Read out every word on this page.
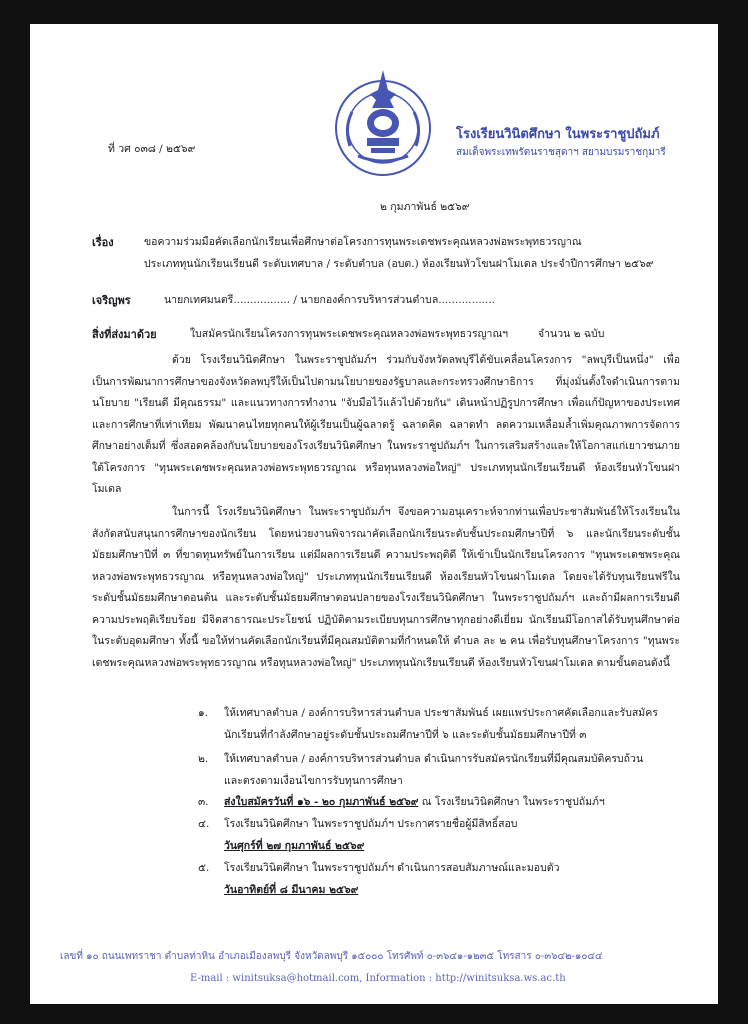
โรงเรียนวินิตศึกษา ในพระราชูปถัมภ์
สมเด็จพระเทพรัตนราชสุดาฯ สยามบรมราชกุมารี
ที่ วศ ๐๓๘ / ๒๕๖๙
๒ กุมภาพันธ์ ๒๕๖๙
เรื่อง	ขอความร่วมมือคัดเลือกนักเรียนเพื่อศึกษาต่อโครงการทุนพระเดชพระคุณหลวงพ่อพระพุทธวรญาณ
ประเภททุนนักเรียนเรียนดี ระดับเทศบาล / ระดับตำบล (อบต.) ห้องเรียนหัวโขนฝาโมเดล ประจำปีการศึกษา ๒๕๖๙
เจริญพร	นายกเทศมนตรี................. / นายกองค์การบริหารส่วนตำบล.................
สิ่งที่ส่งมาด้วย	ใบสมัครนักเรียนโครงการทุนพระเดชพระคุณหลวงพ่อพระพุทธวรญาณฯ	จำนวน ๒ ฉบับ
ด้วย โรงเรียนวินิตศึกษา ในพระราชูปถัมภ์ฯ ร่วมกับจังหวัดลพบุรีได้ขับเคลื่อนโครงการ "ลพบุรีเป็นหนึ่ง" เพื่อเป็นการพัฒนาการศึกษาของจังหวัดลพบุรีให้เป็นไปตามนโยบายของรัฐบาลและกระทรวงศึกษาธิการ ที่มุ่งมั่นตั้งใจดำเนินการตามนโยบาย "เรียนดี มีคุณธรรม" และแนวทางการทำงาน "จับมือไว้แล้วไปด้วยกัน" เดินหน้าปฏิรูปการศึกษา เพื่อแก้ปัญหาของประเทศและการศึกษาที่เท่าเทียม พัฒนาคนไทยทุกคนให้ผู้เรียนเป็นผู้ฉลาดรู้ ฉลาดคิด ฉลาดทำ ลดความเหลื่อมล้ำเพิ่มคุณภาพการจัดการศึกษาอย่างเต็มที่ ซึ่งสอดคล้องกับนโยบายของโรงเรียนวินิตศึกษา ในพระราชูปถัมภ์ฯ ในการเสริมสร้างและให้โอกาสแก่เยาวชนภายใต้โครงการ "ทุนพระเดชพระคุณหลวงพ่อพระพุทธวรญาณ หรือทุนหลวงพ่อใหญ่" ประเภททุนนักเรียนเรียนดี ห้องเรียนหัวโขนฝาโมเดล
ในการนี้ โรงเรียนวินิตศึกษา ในพระราชูปถัมภ์ฯ จึงขอความอนุเคราะห์จากท่านเพื่อประชาสัมพันธ์ให้โรงเรียนในสังกัดสนับสนุนการศึกษาของนักเรียน โดยหน่วยงานพิจารณาคัดเลือกนักเรียนระดับชั้นประถมศึกษาปีที่ ๖ และนักเรียนระดับชั้นมัธยมศึกษาปีที่ ๓ ที่ขาดทุนทรัพย์ในการเรียน แต่มีผลการเรียนดี ความประพฤติดี ให้เข้าเป็นนักเรียนโครงการ "ทุนพระเดชพระคุณหลวงพ่อพระพุทธวรญาณ หรือทุนหลวงพ่อใหญ่" ประเภททุนนักเรียนเรียนดี ห้องเรียนหัวโขนฝาโมเดล โดยจะได้รับทุนเรียนฟรีในระดับชั้นมัธยมศึกษาตอนต้น และระดับชั้นมัธยมศึกษาตอนปลายของโรงเรียนวินิตศึกษา ในพระราชูปถัมภ์ฯ และถ้ามีผลการเรียนดี ความประพฤติเรียบร้อย มีจิตสาธารณะประโยชน์ ปฏิบัติตามระเบียบทุนการศึกษาทุกอย่างดีเยี่ยม นักเรียนมีโอกาสได้รับทุนศึกษาต่อในระดับอุดมศึกษา ทั้งนี้ ขอให้ท่านคัดเลือกนักเรียนที่มีคุณสมบัติตามที่กำหนดให้ ตำบล ละ ๒ คน เพื่อรับทุนศึกษาโครงการ "ทุนพระเดชพระคุณหลวงพ่อพระพุทธวรญาณ หรือทุนหลวงพ่อใหญ่" ประเภททุนนักเรียนเรียนดี ห้องเรียนหัวโขนฝาโมเดล ตามขั้นตอนดังนี้
๑. ให้เทศบาลตำบล / องค์การบริหารส่วนตำบล ประชาสัมพันธ์ เผยแพร่ประกาศคัดเลือกและรับสมัคร
นักเรียนที่กำลังศึกษาอยู่ระดับชั้นประถมศึกษาปีที่ ๖ และระดับชั้นมัธยมศึกษาปีที่ ๓
๒. ให้เทศบาลตำบล / องค์การบริหารส่วนตำบล ดำเนินการรับสมัครนักเรียนที่มีคุณสมบัติครบถ้วน
และตรงตามเงื่อนไขการรับทุนการศึกษา
๓. ส่งใบสมัครวันที่ ๑๖ - ๒๐ กุมภาพันธ์ ๒๕๖๙ ณ โรงเรียนวินิตศึกษา ในพระราชูปถัมภ์ฯ
๔. โรงเรียนวินิตศึกษา ในพระราชูปถัมภ์ฯ ประกาศรายชื่อผู้มีสิทธิ์สอบ
วันศุกร์ที่ ๒๗ กุมภาพันธ์ ๒๕๖๙
๕. โรงเรียนวินิตศึกษา ในพระราชูปถัมภ์ฯ ดำเนินการสอบสัมภาษณ์และมอบตัว
วันอาทิตย์ที่ ๘ มีนาคม ๒๕๖๙
เลขที่ ๑๐ ถนนเพทราชา ตำบลท่าหิน อำเภอเมืองลพบุรี จังหวัดลพบุรี ๑๕๐๐๐ โทรศัพท์ ๐-๓๖๔๑-๑๒๓๕ โทรสาร ๐-๓๖๔๒-๑๐๔๔
E-mail : winitsuksa@hotmail.com, Information : http://winitsuksa.ws.ac.th
